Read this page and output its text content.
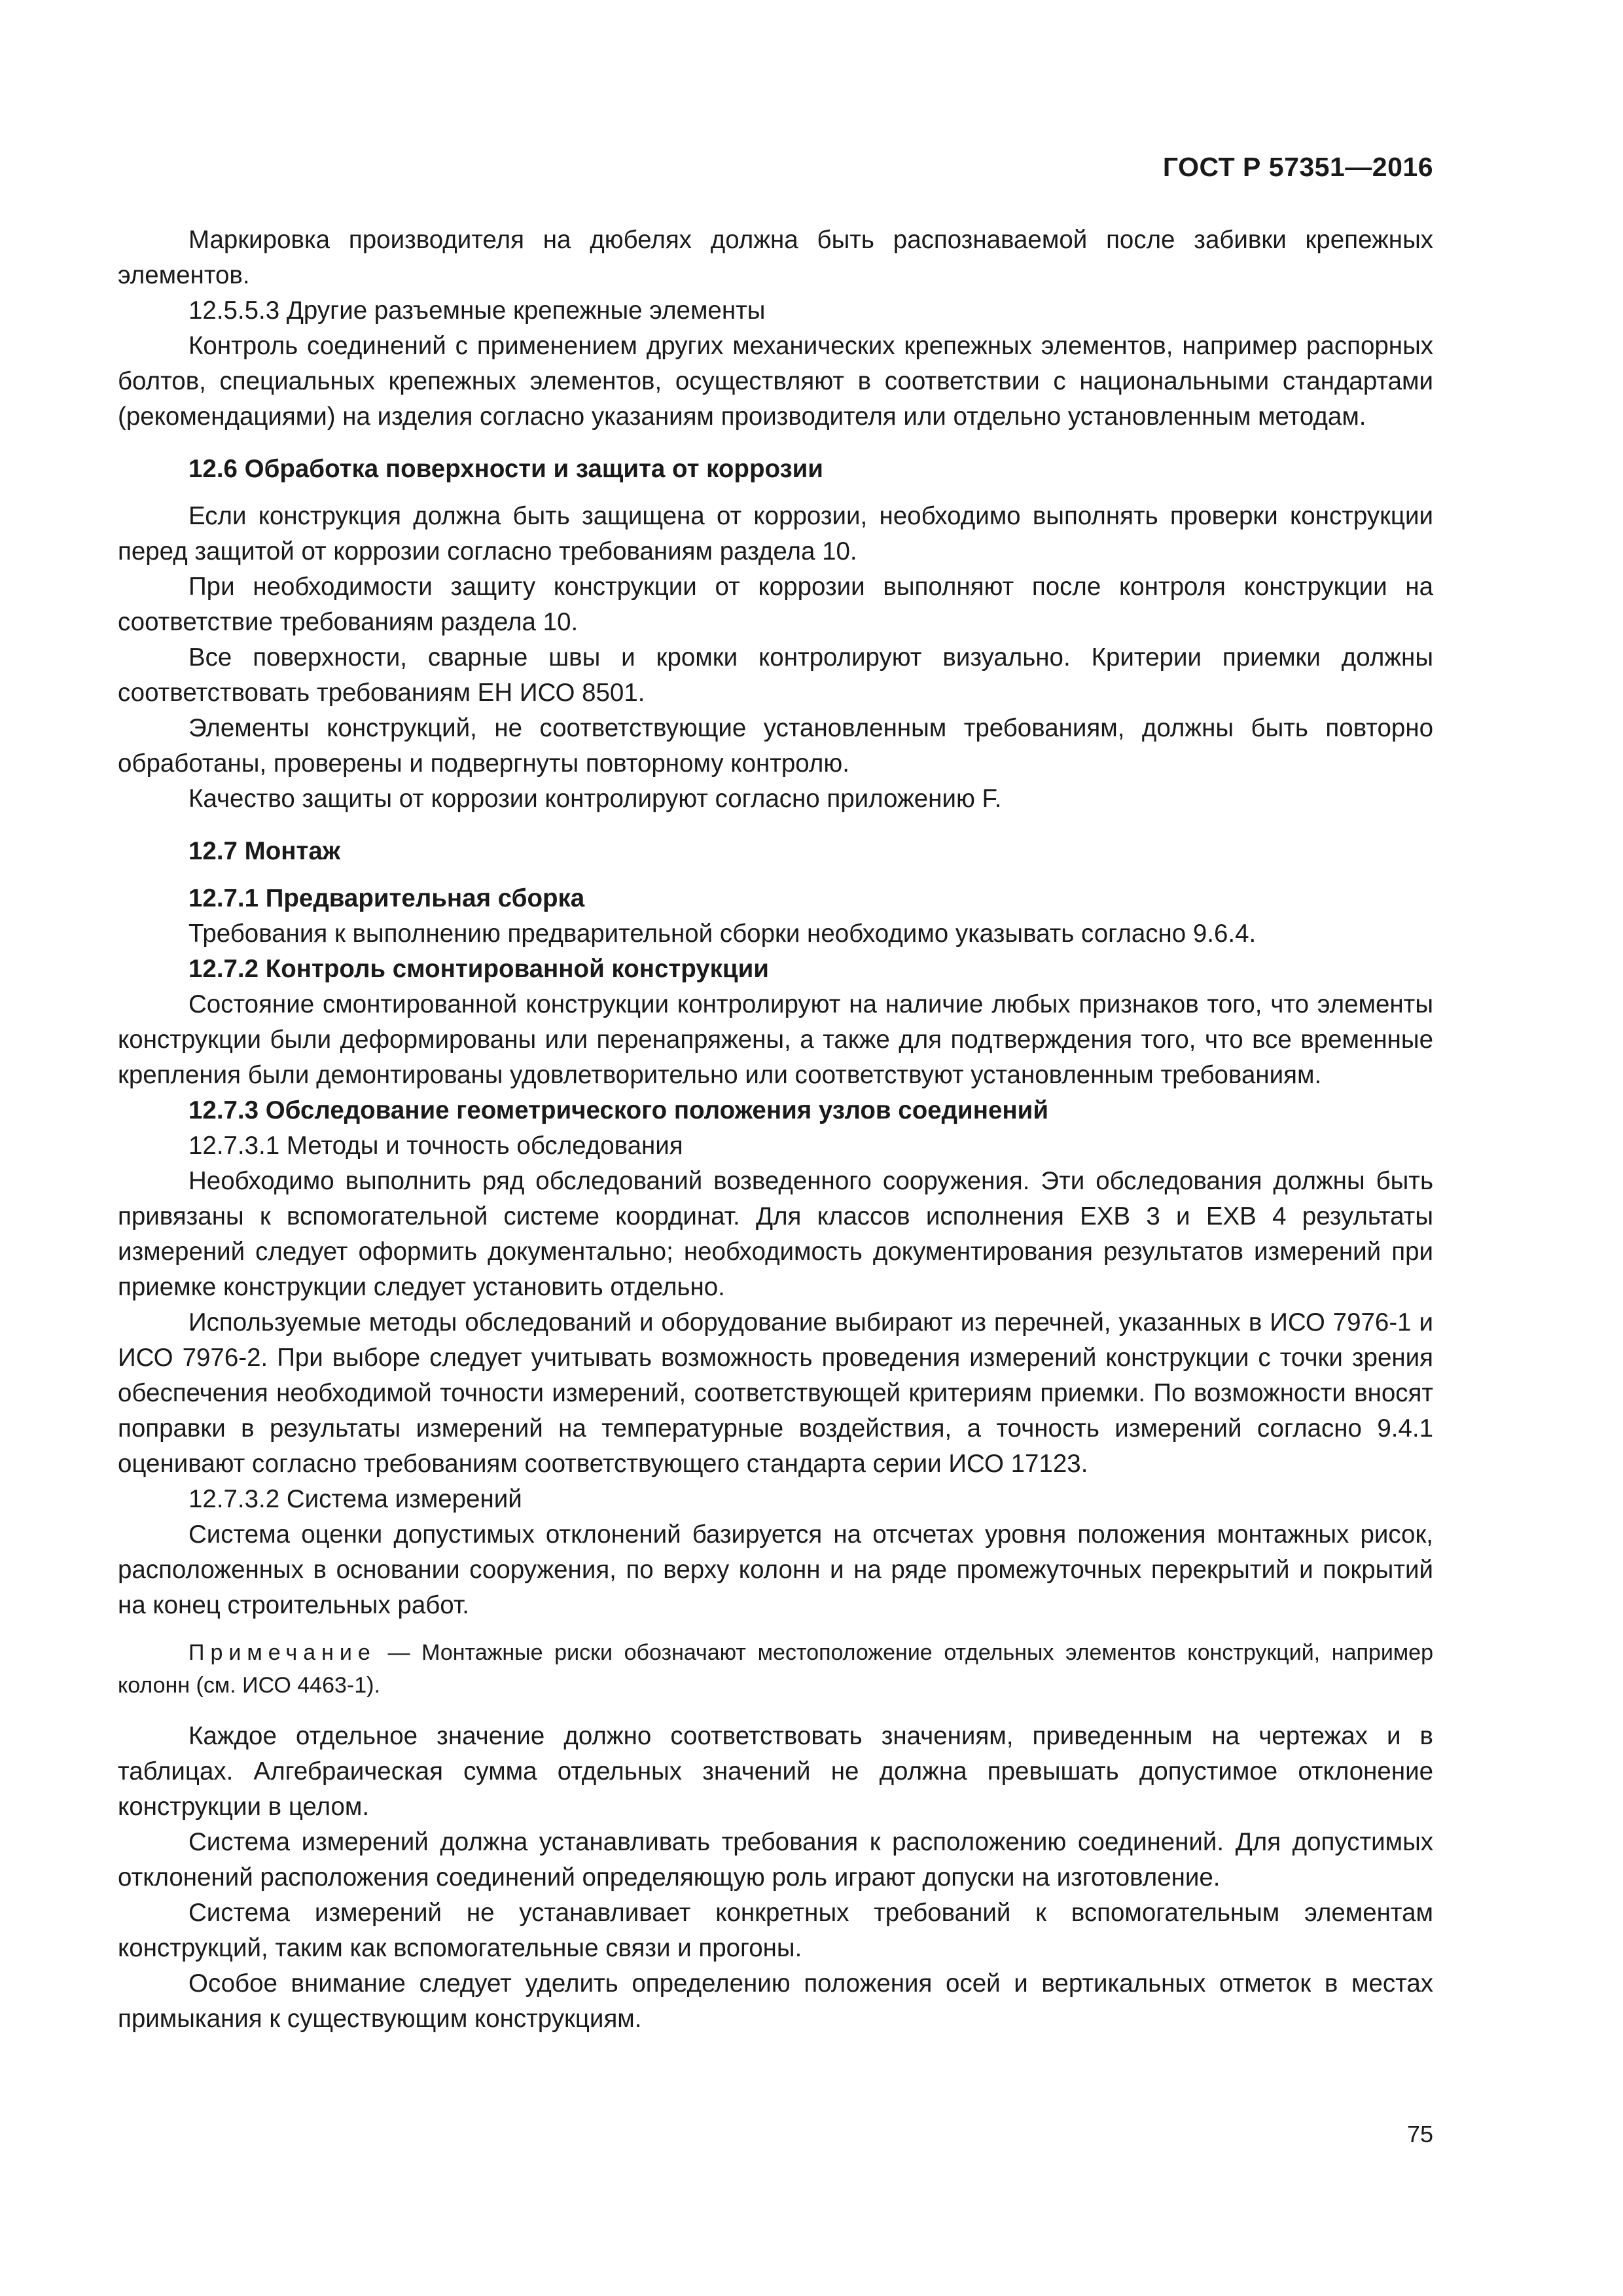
ГОСТ Р 57351—2016

Маркировка производителя на дюбелях должна быть распознаваемой после забивки крепежных элементов.

12.5.5.3 Другие разъемные крепежные элементы

Контроль соединений с применением других механических крепежных элементов, например распорных болтов, специальных крепежных элементов, осуществляют в соответствии с национальными стандартами (рекомендациями) на изделия согласно указаниям производителя или отдельно установленным методам.

12.6 Обработка поверхности и защита от коррозии

Если конструкция должна быть защищена от коррозии, необходимо выполнять проверки конструкции перед защитой от коррозии согласно требованиям раздела 10.

При необходимости защиту конструкции от коррозии выполняют после контроля конструкции на соответствие требованиям раздела 10.

Все поверхности, сварные швы и кромки контролируют визуально. Критерии приемки должны соответствовать требованиям ЕН ИСО 8501.

Элементы конструкций, не соответствующие установленным требованиям, должны быть повторно обработаны, проверены и подвергнуты повторному контролю.

Качество защиты от коррозии контролируют согласно приложению F.

12.7 Монтаж
12.7.1 Предварительная сборка

Требования к выполнению предварительной сборки необходимо указывать согласно 9.6.4.

12.7.2 Контроль смонтированной конструкции

Состояние смонтированной конструкции контролируют на наличие любых признаков того, что элементы конструкции были деформированы или перенапряжены, а также для подтверждения того, что все временные крепления были демонтированы удовлетворительно или соответствуют установленным требованиям.

12.7.3 Обследование геометрического положения узлов соединений

12.7.3.1 Методы и точность обследования

Необходимо выполнить ряд обследований возведенного сооружения. Эти обследования должны быть привязаны к вспомогательной системе координат. Для классов исполнения EXB 3 и EXB 4 результаты измерений следует оформить документально; необходимость документирования результатов измерений при приемке конструкции следует установить отдельно.

Используемые методы обследований и оборудование выбирают из перечней, указанных в ИСО 7976-1 и ИСО 7976-2. При выборе следует учитывать возможность проведения измерений конструкции с точки зрения обеспечения необходимой точности измерений, соответствующей критериям приемки. По возможности вносят поправки в результаты измерений на температурные воздействия, а точность измерений согласно 9.4.1 оценивают согласно требованиям соответствующего стандарта серии ИСО 17123.

12.7.3.2 Система измерений

Система оценки допустимых отклонений базируется на отсчетах уровня положения монтажных рисок, расположенных в основании сооружения, по верху колонн и на ряде промежуточных перекрытий и покрытий на конец строительных работ.

Примечание — Монтажные риски обозначают местоположение отдельных элементов конструкций, например колонн (см. ИСО 4463-1).

Каждое отдельное значение должно соответствовать значениям, приведенным на чертежах и в таблицах. Алгебраическая сумма отдельных значений не должна превышать допустимое отклонение конструкции в целом.

Система измерений должна устанавливать требования к расположению соединений. Для допустимых отклонений расположения соединений определяющую роль играют допуски на изготовление.

Система измерений не устанавливает конкретных требований к вспомогательным элементам конструкций, таким как вспомогательные связи и прогоны.

Особое внимание следует уделить определению положения осей и вертикальных отметок в местах примыкания к существующим конструкциям.

75
